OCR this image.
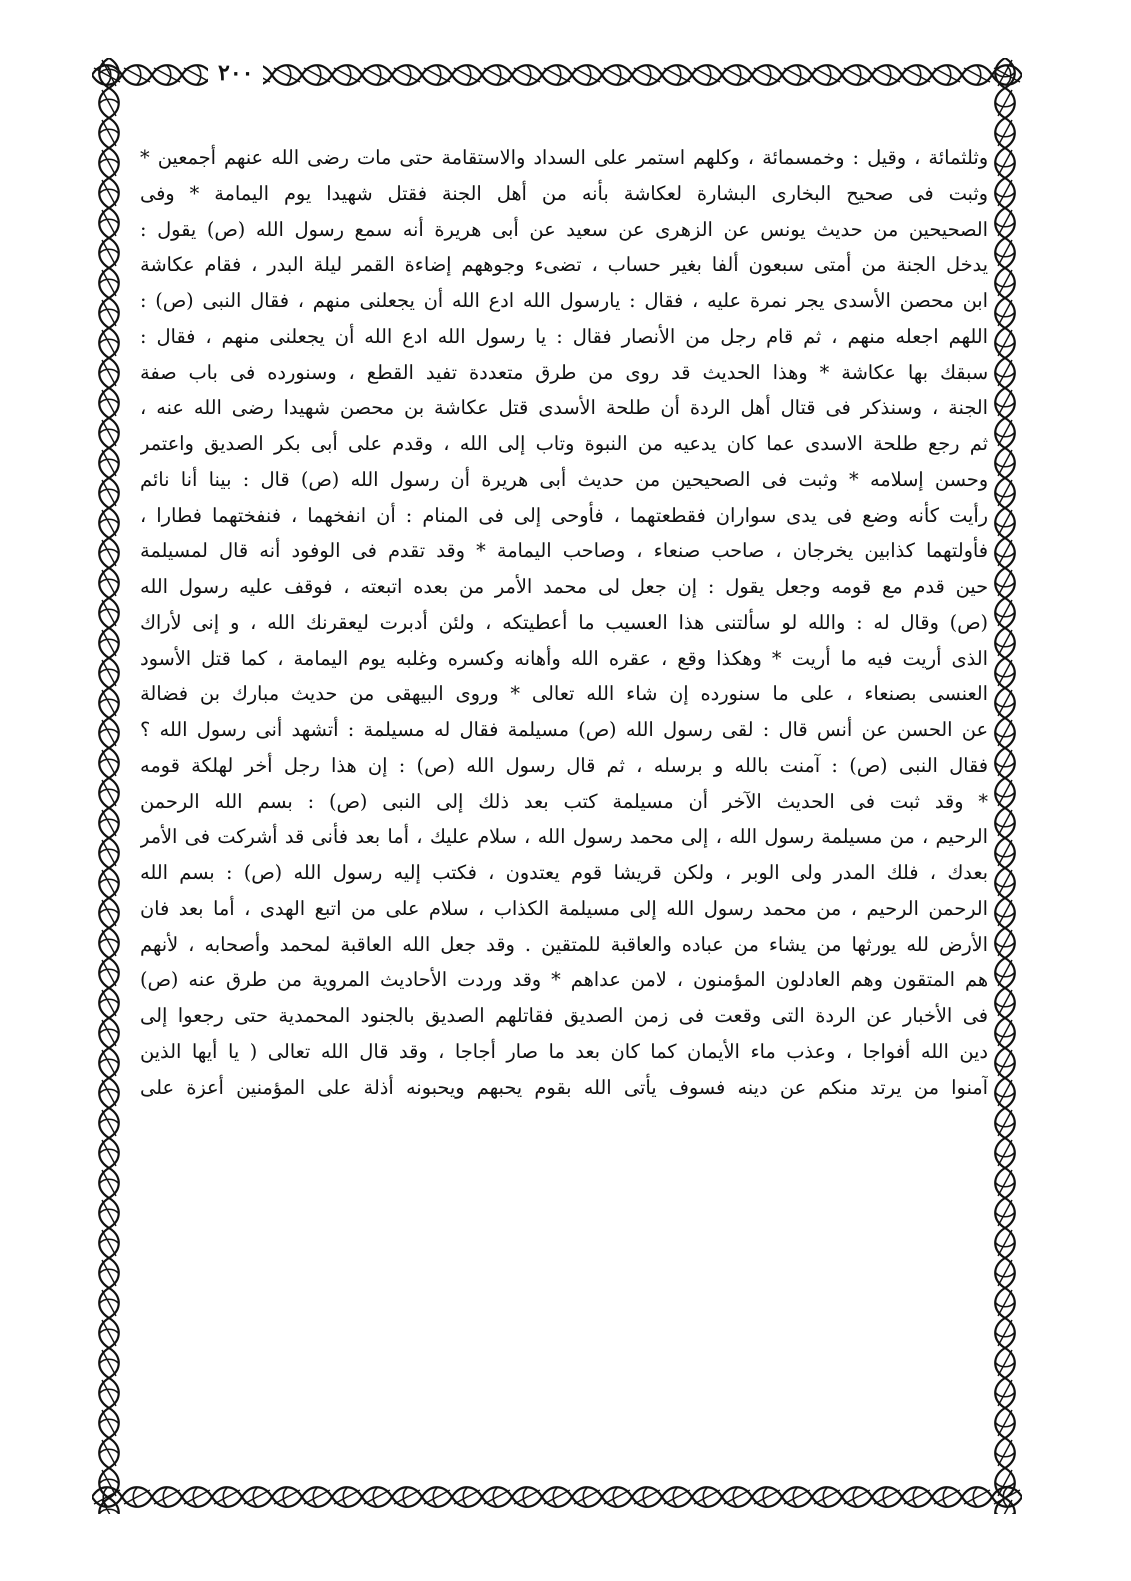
٢٠٠
وثلثمائة ، وقيل : وخمسمائة ، وكلهم استمر على السداد والاستقامة حتى مات رضى الله عنهم أجمعين *
وثبت فى صحيح البخارى البشارة لعكاشة بأنه من أهل الجنة فقتل شهيدا يوم اليمامة * وفى
الصحيحين من حديث يونس عن الزهرى عن سعيد عن أبى هريرة أنه سمع رسول الله (ص) يقول :
يدخل الجنة من أمتى سبعون ألفا بغير حساب ، تضىء وجوههم إضاءة القمر ليلة البدر ، فقام عكاشة
ابن محصن الأسدى يجر نمرة عليه ، فقال : يارسول الله ادع الله أن يجعلنى منهم ، فقال النبى (ص) :
اللهم اجعله منهم ، ثم قام رجل من الأنصار فقال : يا رسول الله ادع الله أن يجعلنى منهم ، فقال :
سبقك بها عكاشة * وهذا الحديث قد روى من طرق متعددة تفيد القطع ، وسنورده فى باب صفة
الجنة ، وسنذكر فى قتال أهل الردة أن طلحة الأسدى قتل عكاشة بن محصن شهيدا رضى الله عنه ،
ثم رجع طلحة الاسدى عما كان يدعيه من النبوة وتاب إلى الله ، وقدم على أبى بكر الصديق واعتمر
وحسن إسلامه * وثبت فى الصحيحين من حديث أبى هريرة أن رسول الله (ص) قال : بينا أنا نائم
رأيت كأنه وضع فى يدى سواران فقطعتهما ، فأوحى إلى فى المنام : أن انفخهما ، فنفختهما فطارا ،
فأولتهما كذابين يخرجان ، صاحب صنعاء ، وصاحب اليمامة * وقد تقدم فى الوفود أنه قال لمسيلمة
حين قدم مع قومه وجعل يقول : إن جعل لى محمد الأمر من بعده اتبعته ، فوقف عليه رسول الله
(ص) وقال له : والله لو سألتنى هذا العسيب ما أعطيتكه ، ولئن أدبرت ليعقرنك الله ، و إنى لأراك
الذى أريت فيه ما أريت * وهكذا وقع ، عقره الله وأهانه وكسره وغلبه يوم اليمامة ، كما قتل الأسود
العنسى بصنعاء ، على ما سنورده إن شاء الله تعالى * وروى البيهقى من حديث مبارك بن فضالة
عن الحسن عن أنس قال : لقى رسول الله (ص) مسيلمة فقال له مسيلمة : أتشهد أنى رسول الله ؟
فقال النبى (ص) : آمنت بالله و برسله ، ثم قال رسول الله (ص) : إن هذا رجل أخر لهلكة قومه
* وقد ثبت فى الحديث الآخر أن مسيلمة كتب بعد ذلك إلى النبى (ص) : بسم الله الرحمن
الرحيم ، من مسيلمة رسول الله ، إلى محمد رسول الله ، سلام عليك ، أما بعد فأنى قد أشركت فى الأمر
بعدك ، فلك المدر ولى الوبر ، ولكن قريشا قوم يعتدون ، فكتب إليه رسول الله (ص) : بسم الله
الرحمن الرحيم ، من محمد رسول الله إلى مسيلمة الكذاب ، سلام على من اتبع الهدى ، أما بعد فان
الأرض لله يورثها من يشاء من عباده والعاقبة للمتقين . وقد جعل الله العاقبة لمحمد وأصحابه ، لأنهم
هم المتقون وهم العادلون المؤمنون ، لامن عداهم * وقد وردت الأحاديث المروية من طرق عنه (ص)
فى الأخبار عن الردة التى وقعت فى زمن الصديق فقاتلهم الصديق بالجنود المحمدية حتى رجعوا إلى
دين الله أفواجا ، وعذب ماء الأيمان كما كان بعد ما صار أجاجا ، وقد قال الله تعالى ( يا أيها الذين
آمنوا من يرتد منكم عن دينه فسوف يأتى الله بقوم يحبهم ويحبونه أذلة على المؤمنين أعزة على
